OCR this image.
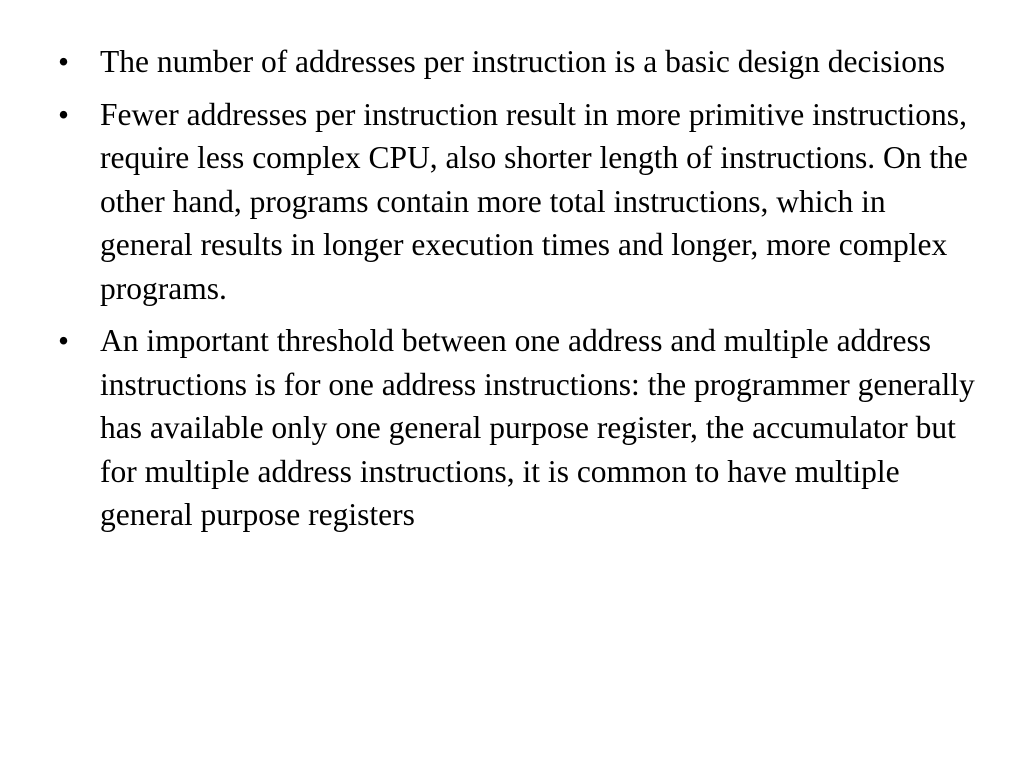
• The number of addresses per instruction is a basic design decisions
• Fewer addresses per instruction result in more primitive instructions, require less complex CPU, also shorter length of instructions. On the other hand, programs contain more total instructions, which in general results in longer execution times and longer, more complex programs.
• An important threshold between one address and multiple address instructions is for one address instructions: the programmer generally has available only one general purpose register, the accumulator but for multiple address instructions, it is common to have multiple general purpose registers
